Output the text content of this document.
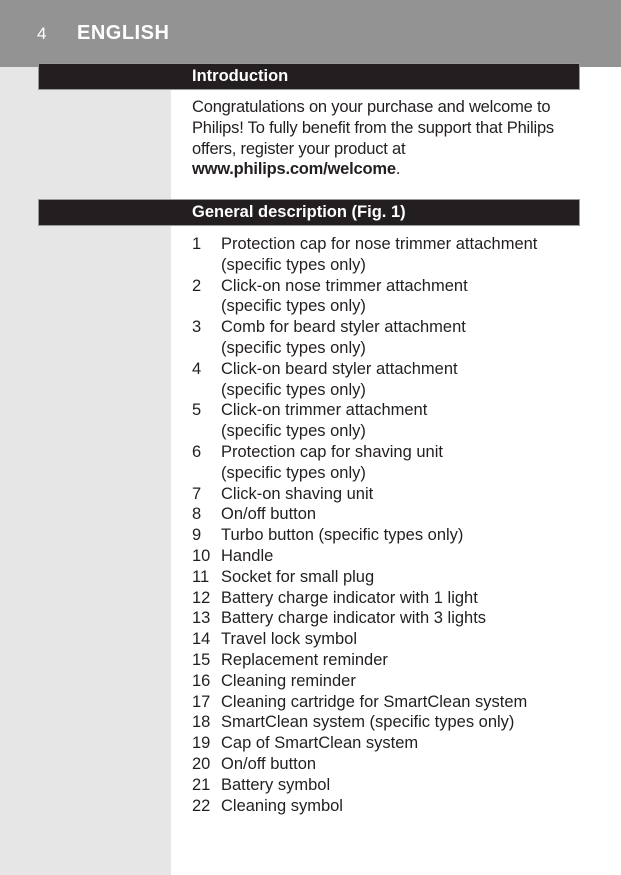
4 ENGLISH
Introduction
Congratulations on your purchase and welcome to Philips! To fully benefit from the support that Philips offers, register your product at www.philips.com/welcome.
General description (Fig. 1)
1	Protection cap for nose trimmer attachment
(specific types only)
2	Click-on nose trimmer attachment
(specific types only)
3	Comb for beard styler attachment
(specific types only)
4	Click-on beard styler attachment
(specific types only)
5	Click-on trimmer attachment
(specific types only)
6	Protection cap for shaving unit
(specific types only)
7	Click-on shaving unit
8	On/off button
9	Turbo button (specific types only)
10 Handle
11 Socket for small plug
12 Battery charge indicator with 1 light
13 Battery charge indicator with 3 lights
14 Travel lock symbol
15 Replacement reminder
16 Cleaning reminder
17 Cleaning cartridge for SmartClean system
18 SmartClean system (specific types only)
19 Cap of SmartClean system
20 On/off button
21 Battery symbol
22 Cleaning symbol
